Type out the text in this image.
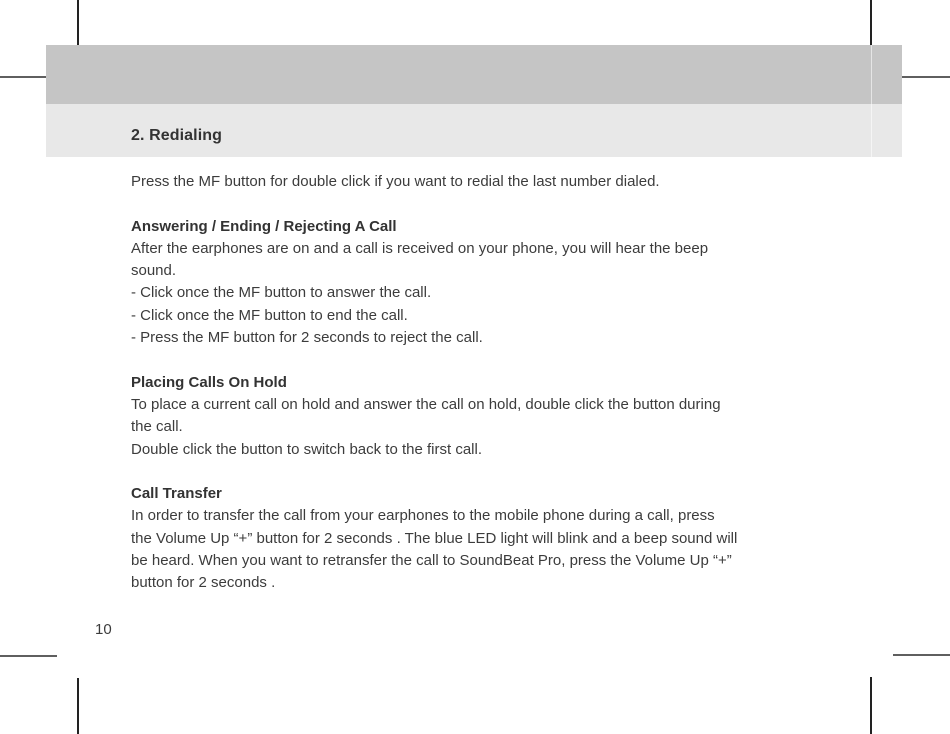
2. Redialing
Press the MF button for double click if you want to redial the last number dialed.
Answering / Ending / Rejecting A Call
After the earphones are on and a call is received on your phone, you will hear the beep
sound.
- Click once the MF button to answer the call.
- Click once the MF button to end the call.
- Press the MF button for 2 seconds to reject the call.
Placing Calls On Hold
To place a current call on hold and answer the call on hold, double click the button during
the call.
Double click the button to switch back to the first call.
Call Transfer
In order to transfer the call from your earphones to the mobile phone during a call, press
the Volume Up “+” button for 2 seconds . The blue LED light will blink and a beep sound will
be heard. When you want to retransfer the call to SoundBeat Pro, press the Volume Up “+”
button for 2 seconds .
10
